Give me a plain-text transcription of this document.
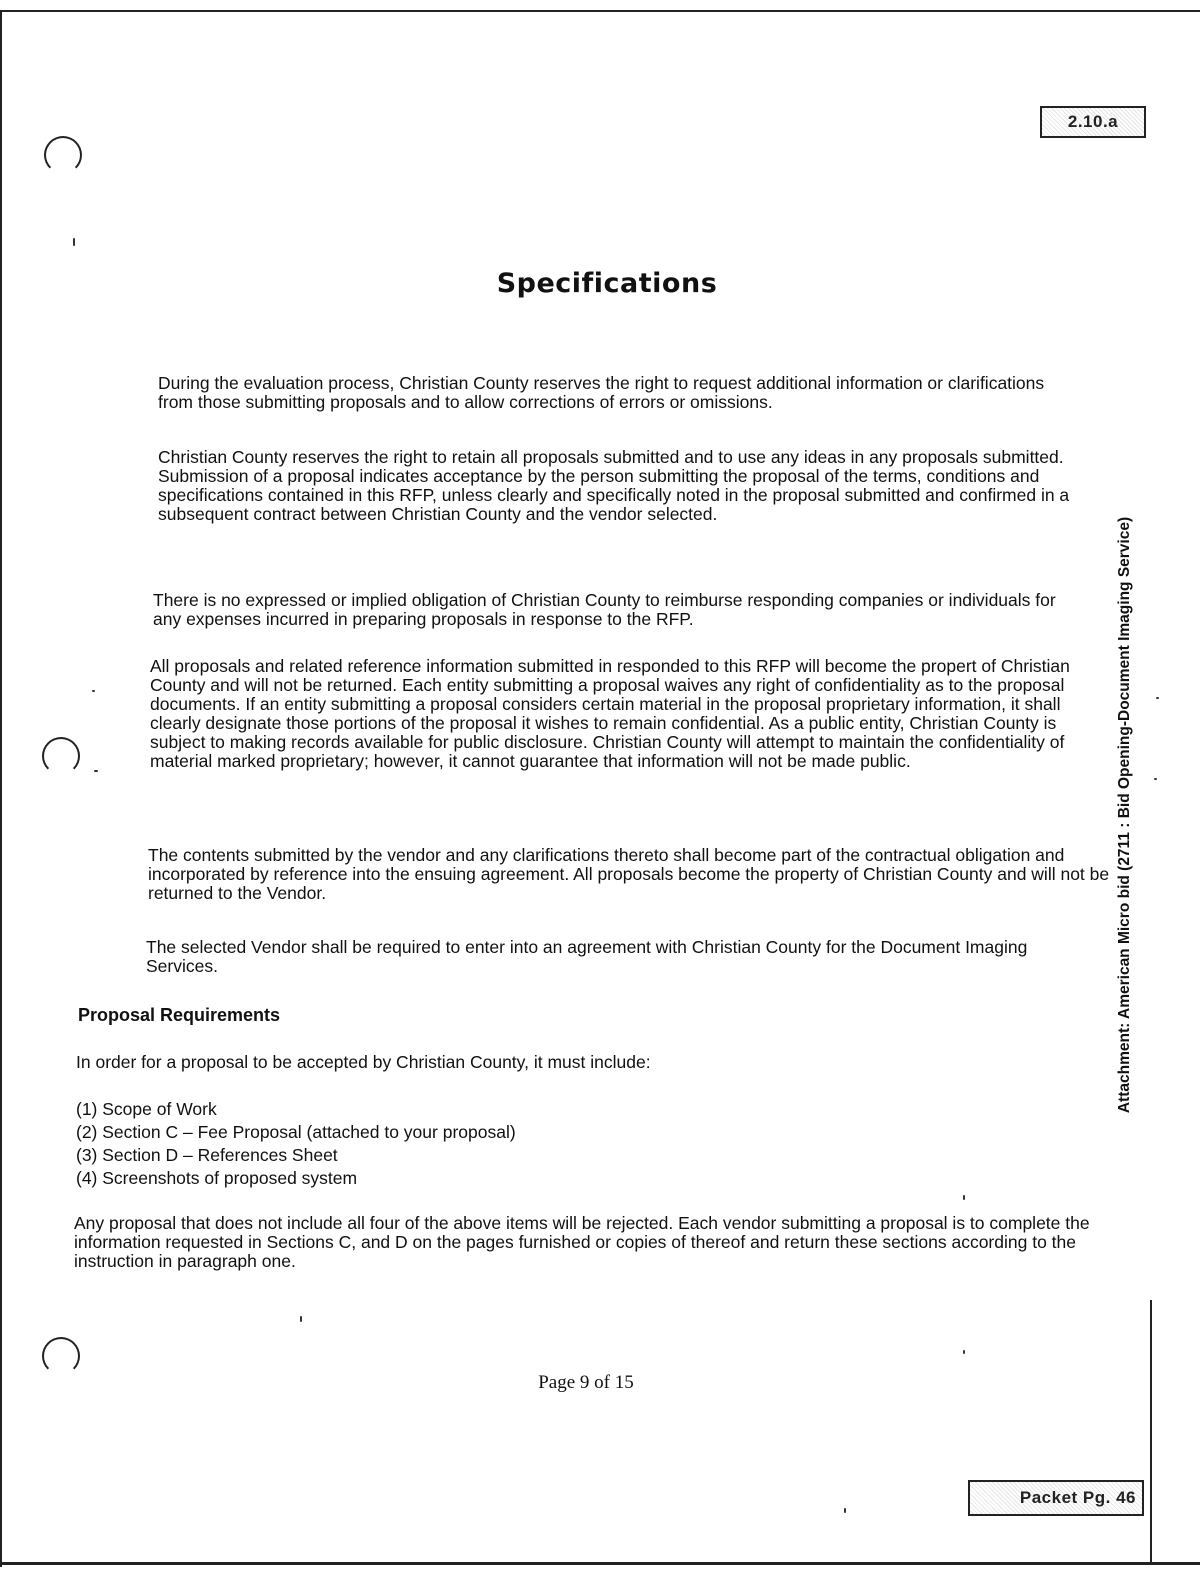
2.10.a
Packet Pg. 46
Specifications
During the evaluation process, Christian County reserves the right to request additional information or clarifications from those submitting proposals and to allow corrections of errors or omissions.
Christian County reserves the right to retain all proposals submitted and to use any ideas in any proposals submitted. Submission of a proposal indicates acceptance by the person submitting the proposal of the terms, conditions and specifications contained in this RFP, unless clearly and specifically noted in the proposal submitted and confirmed in a subsequent contract between Christian County and the vendor selected.
There is no expressed or implied obligation of Christian County to reimburse responding companies or individuals for any expenses incurred in preparing proposals in response to the RFP.
All proposals and related reference information submitted in responded to this RFP will become the propert of Christian County and will not be returned. Each entity submitting a proposal waives any right of confidentiality as to the proposal documents. If an entity submitting a proposal considers certain material in the proposal proprietary information, it shall clearly designate those portions of the proposal it wishes to remain confidential. As a public entity, Christian County is subject to making records available for public disclosure. Christian County will attempt to maintain the confidentiality of material marked proprietary; however, it cannot guarantee that information will not be made public.
The contents submitted by the vendor and any clarifications thereto shall become part of the contractual obligation and incorporated by reference into the ensuing agreement. All proposals become the property of Christian County and will not be returned to the Vendor.
The selected Vendor shall be required to enter into an agreement with Christian County for the Document Imaging Services.
Proposal Requirements
In order for a proposal to be accepted by Christian County, it must include:
(1) Scope of Work
(2) Section C – Fee Proposal (attached to your proposal)
(3) Section D – References Sheet
(4) Screenshots of proposed system
Any proposal that does not include all four of the above items will be rejected. Each vendor submitting a proposal is to complete the information requested in Sections C, and D on the pages furnished or copies of thereof and return these sections according to the instruction in paragraph one.
Page 9 of 15
Attachment: American Micro bid (2711 : Bid Opening-Document Imaging Service)
